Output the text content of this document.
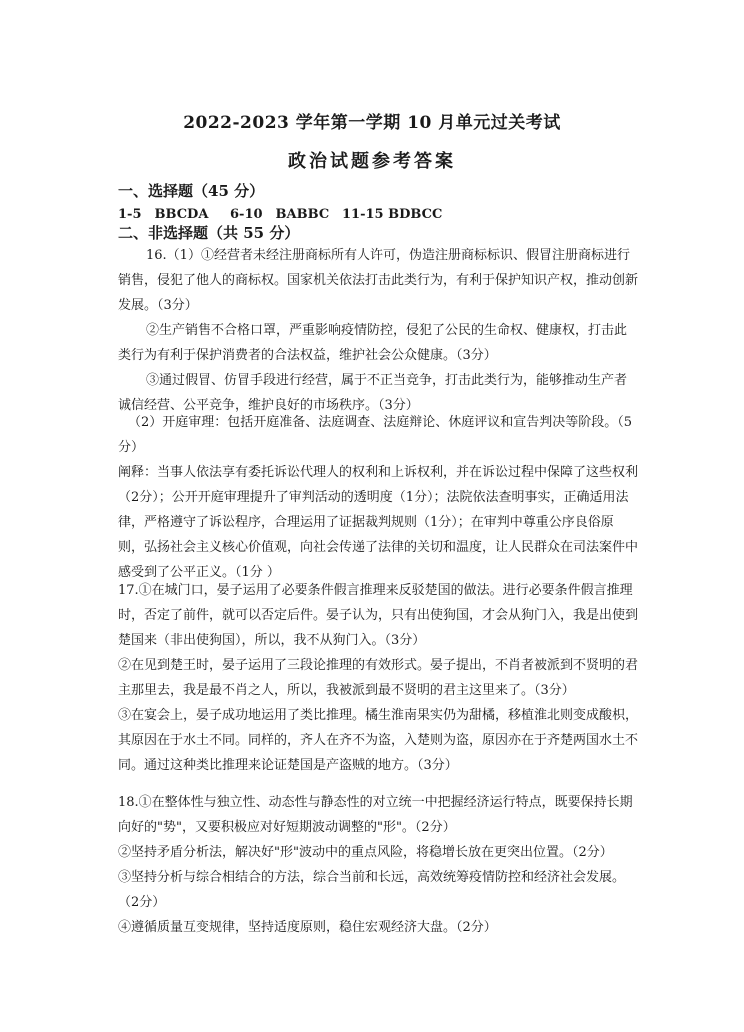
2022-2023 学年第一学期 10 月单元过关考试
政治试题参考答案
一、选择题（45 分）
1-5　BBCDA 6-10　BABBC 11-15 BDBCC
二、非选择题（共 55 分）

16.（1）①经营者未经注册商标所有人许可，伪造注册商标标识、假冒注册商标进行销售，侵犯了他人的商标权。国家机关依法打击此类行为，有利于保护知识产权，推动创新发展。（3分）

②生产销售不合格口罩，严重影响疫情防控，侵犯了公民的生命权、健康权，打击此类行为有利于保护消费者的合法权益，维护社会公众健康。（3分）

③通过假冒、仿冒手段进行经营，属于不正当竞争，打击此类行为，能够推动生产者诚信经营、公平竞争，维护良好的市场秩序。（3分）

（2）开庭审理：包括开庭准备、法庭调查、法庭辩论、休庭评议和宣告判决等阶段。（5分）

阐释：当事人依法享有委托诉讼代理人的权利和上诉权利，并在诉讼过程中保障了这些权利（2分）；公开开庭审理提升了审判活动的透明度（1分）；法院依法查明事实，正确适用法律，严格遵守了诉讼程序，合理运用了证据裁判规则（1分）；在审判中尊重公序良俗原则，弘扬社会主义核心价值观，向社会传递了法律的关切和温度，让人民群众在司法案件中感受到了公平正义。（1分 ）

17.①在城门口，晏子运用了必要条件假言推理来反驳楚国的做法。进行必要条件假言推理时，否定了前件，就可以否定后件。晏子认为，只有出使狗国，才会从狗门入，我是出使到楚国来（非出使狗国），所以，我不从狗门入。（3分）

②在见到楚王时，晏子运用了三段论推理的有效形式。晏子提出，不肖者被派到不贤明的君主那里去，我是最不肖之人，所以，我被派到最不贤明的君主这里来了。（3分）

③在宴会上，晏子成功地运用了类比推理。橘生淮南果实仍为甜橘，移植淮北则变成酸枳，其原因在于水土不同。同样的，齐人在齐不为盗，入楚则为盗，原因亦在于齐楚两国水土不同。通过这种类比推理来论证楚国是产盗贼的地方。（3分）

18.①在整体性与独立性、动态性与静态性的对立统一中把握经济运行特点，既要保持长期向好的"势"，又要积极应对好短期波动调整的"形"。（2分）

②坚持矛盾分析法，解决好"形"波动中的重点风险，将稳增长放在更突出位置。（2分）

③坚持分析与综合相结合的方法，综合当前和长远，高效统筹疫情防控和经济社会发展。（2分）

④遵循质量互变规律，坚持适度原则，稳住宏观经济大盘。（2分）
